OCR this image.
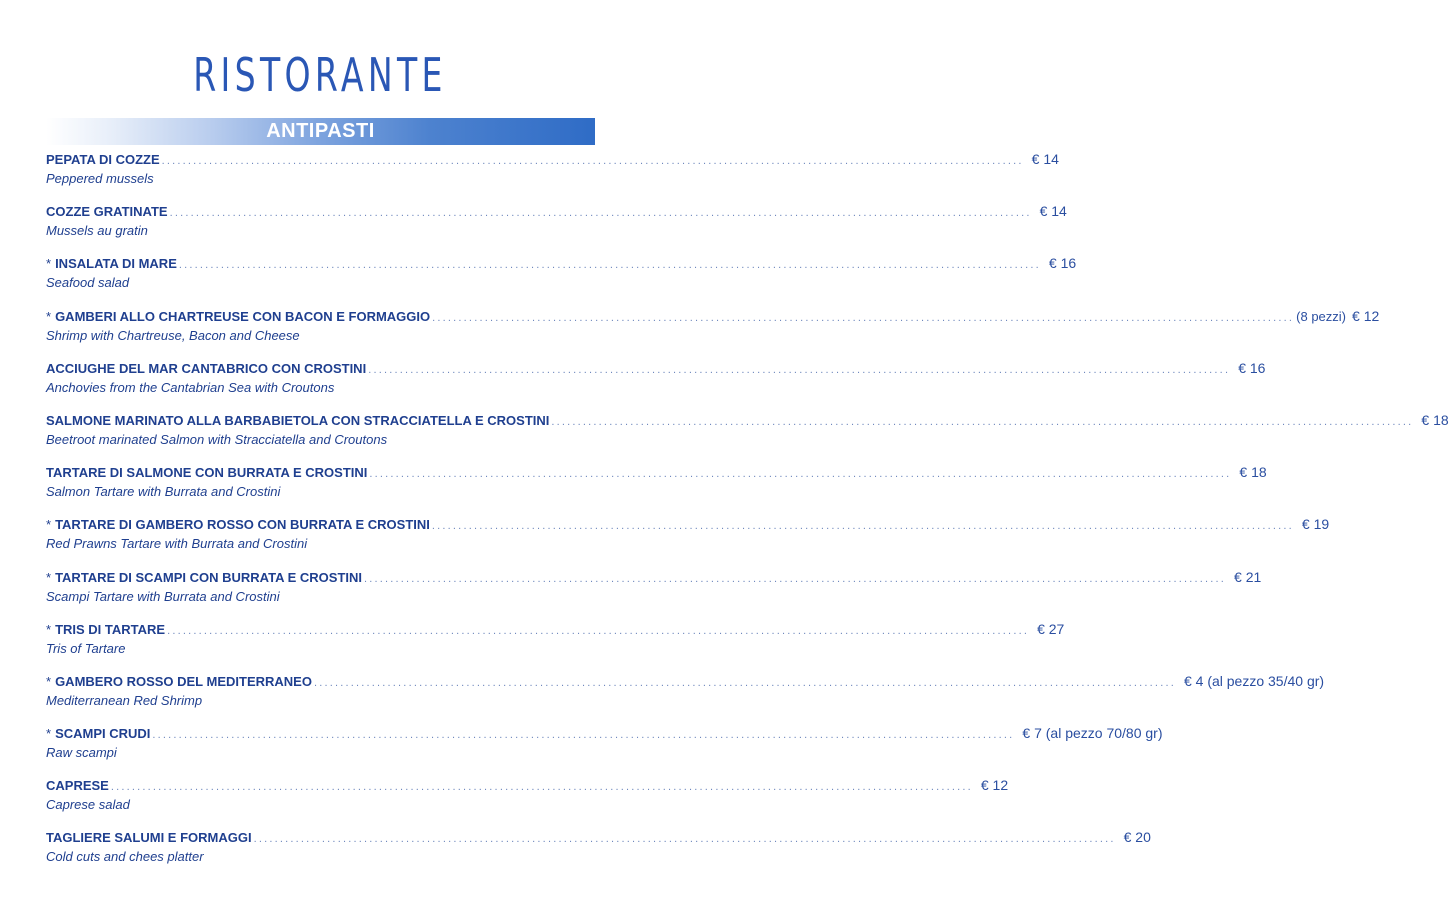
RISTORANTE
ANTIPASTI
PEPATA DI COZZE .................................................................................................................................................................... € 14
Peppered mussels
COZZE GRATINATE .................................................................................................................................................................... € 14
Mussels au gratin
* INSALATA DI MARE .................................................................................................................................................................... € 16
Seafood salad
* GAMBERI ALLO CHARTREUSE CON BACON E FORMAGGIO .................................................................................................................................................................... (8 pezzi) € 12
Shrimp with Chartreuse, Bacon and Cheese
ACCIUGHE DEL MAR CANTABRICO CON CROSTINI .................................................................................................................................................................... € 16
Anchovies from the Cantabrian Sea with Croutons
SALMONE MARINATO ALLA BARBABIETOLA CON STRACCIATELLA E CROSTINI .................................................................................................................................................................... € 18
Beetroot marinated Salmon with Stracciatella and Croutons
TARTARE DI SALMONE CON BURRATA E CROSTINI .................................................................................................................................................................... € 18
Salmon Tartare with Burrata and Crostini
* TARTARE DI GAMBERO ROSSO CON BURRATA E CROSTINI .................................................................................................................................................................... € 19
Red Prawns Tartare with Burrata and Crostini
* TARTARE DI SCAMPI CON BURRATA E CROSTINI .................................................................................................................................................................... € 21
Scampi Tartare with Burrata and Crostini
* TRIS DI TARTARE .................................................................................................................................................................... € 27
Tris of Tartare
* GAMBERO ROSSO DEL MEDITERRANEO .................................................................................................................................................................... € 4 (al pezzo 35/40 gr)
Mediterranean Red Shrimp
* SCAMPI CRUDI .................................................................................................................................................................... € 7 (al pezzo 70/80 gr)
Raw scampi
CAPRESE .................................................................................................................................................................... € 12
Caprese salad
TAGLIERE SALUMI E FORMAGGI .................................................................................................................................................................... € 20
Cold cuts and chees platter
